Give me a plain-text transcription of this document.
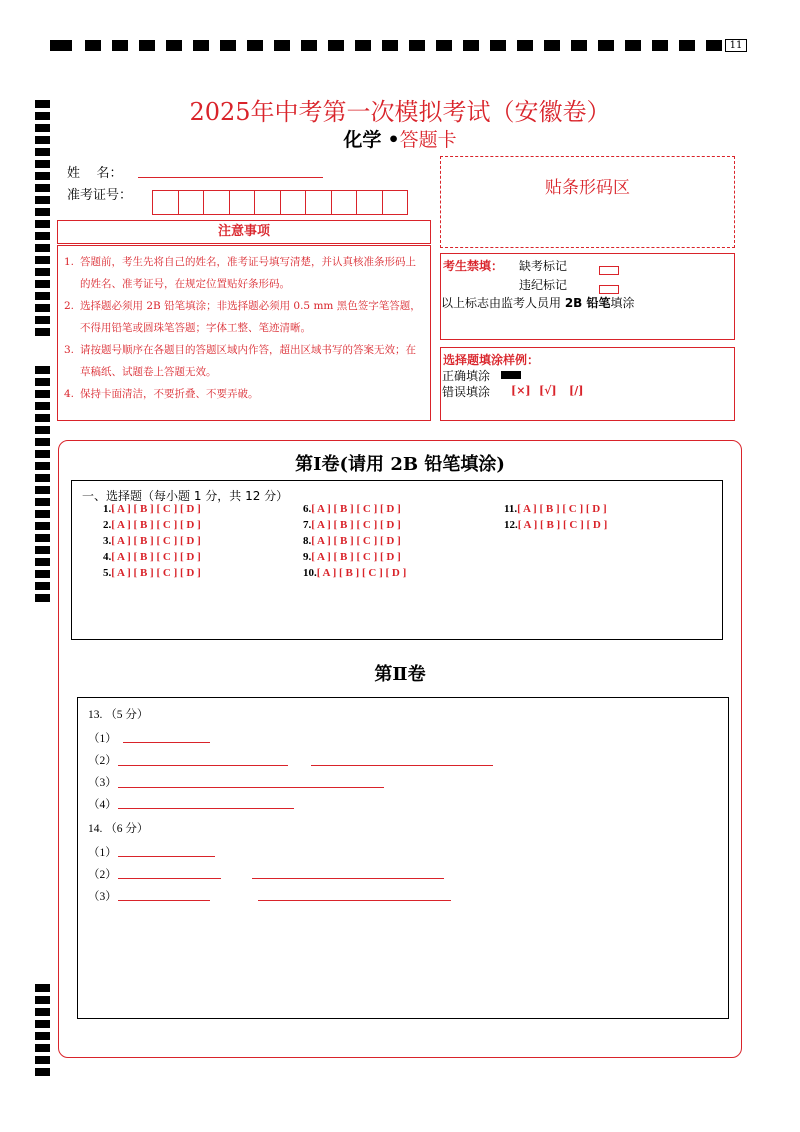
11
2025年中考第一次模拟考试（安徽卷）
化学 •答题卡
姓    名：
准考证号：	贴条形码区
注意事项
1. 答题前，考生先将自己的姓名，准考证号填写清楚，并认真核准条形码上的姓名、准考证号，在规定位置贴好条形码。
2. 选择题必须用 2B 铅笔填涂；非选择题必须用 0.5 mm 黑色签字笔答题，不得用铅笔或圆珠笔答题；字体工整、笔迹清晰。
3. 请按题号顺序在各题目的答题区域内作答，超出区域书写的答案无效；在草稿纸、试题卷上答题无效。
4. 保持卡面清洁，不要折叠、不要弄破。
考生禁填： 缺考标记
违纪标记
以上标志由监考人员用 2B 铅笔填涂
选择题填涂样例：
正确填涂
错误填涂 [×] [√] [/]
第Ⅰ卷(请用 2B 铅笔填涂)
一、选择题（每小题 1 分，共 12 分）
1.[ A ] [ B ] [ C ] [ D ]
2.[ A ] [ B ] [ C ] [ D ]
3.[ A ] [ B ] [ C ] [ D ]
4.[ A ] [ B ] [ C ] [ D ]
5.[ A ] [ B ] [ C ] [ D ]
6.[ A ] [ B ] [ C ] [ D ]
7.[ A ] [ B ] [ C ] [ D ]
8.[ A ] [ B ] [ C ] [ D ]
9.[ A ] [ B ] [ C ] [ D ]
10.[ A ] [ B ] [ C ] [ D ]
11.[ A ] [ B ] [ C ] [ D ]
12.[ A ] [ B ] [ C ] [ D ]
第Ⅱ卷
13. （5 分）
（1）
（2）
（3）
（4）
14. （6 分）
（1）
（2）
（3）
